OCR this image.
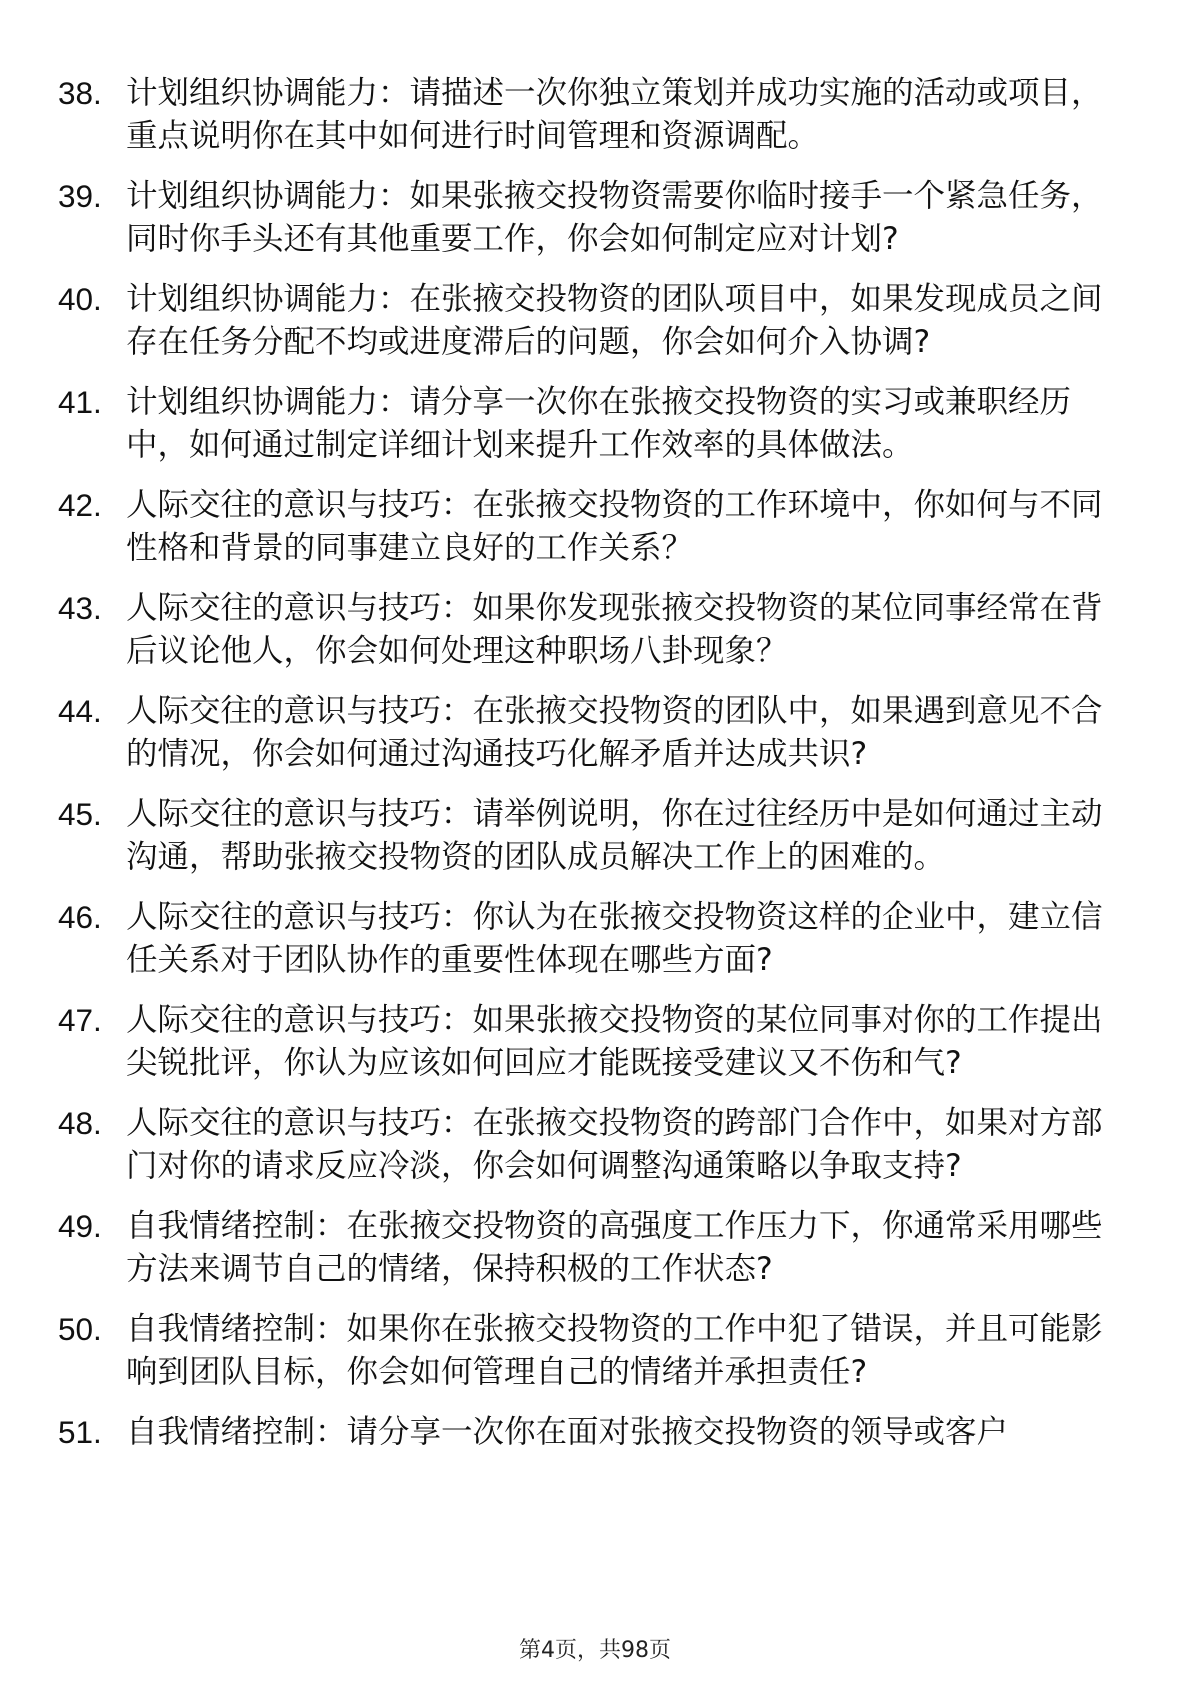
38. 计划组织协调能力：请描述一次你独立策划并成功实施的活动或项目，重点说明你在其中如何进行时间管理和资源调配。
39. 计划组织协调能力：如果张掖交投物资需要你临时接手一个紧急任务，同时你手头还有其他重要工作，你会如何制定应对计划?
40. 计划组织协调能力：在张掖交投物资的团队项目中，如果发现成员之间存在任务分配不均或进度滞后的问题，你会如何介入协调?
41. 计划组织协调能力：请分享一次你在张掖交投物资的实习或兼职经历中，如何通过制定详细计划来提升工作效率的具体做法。
42. 人际交往的意识与技巧：在张掖交投物资的工作环境中，你如何与不同性格和背景的同事建立良好的工作关系？
43. 人际交往的意识与技巧：如果你发现张掖交投物资的某位同事经常在背后议论他人，你会如何处理这种职场八卦现象？
44. 人际交往的意识与技巧：在张掖交投物资的团队中，如果遇到意见不合的情况，你会如何通过沟通技巧化解矛盾并达成共识?
45. 人际交往的意识与技巧：请举例说明，你在过往经历中是如何通过主动沟通，帮助张掖交投物资的团队成员解决工作上的困难的。
46. 人际交往的意识与技巧：你认为在张掖交投物资这样的企业中，建立信任关系对于团队协作的重要性体现在哪些方面?
47. 人际交往的意识与技巧：如果张掖交投物资的某位同事对你的工作提出尖锐批评，你认为应该如何回应才能既接受建议又不伤和气?
48. 人际交往的意识与技巧：在张掖交投物资的跨部门合作中，如果对方部门对你的请求反应冷淡，你会如何调整沟通策略以争取支持?
49. 自我情绪控制：在张掖交投物资的高强度工作压力下，你通常采用哪些方法来调节自己的情绪，保持积极的工作状态?
50. 自我情绪控制：如果你在张掖交投物资的工作中犯了错误，并且可能影响到团队目标，你会如何管理自己的情绪并承担责任?
51. 自我情绪控制：请分享一次你在面对张掖交投物资的领导或客户
第4页，共98页
